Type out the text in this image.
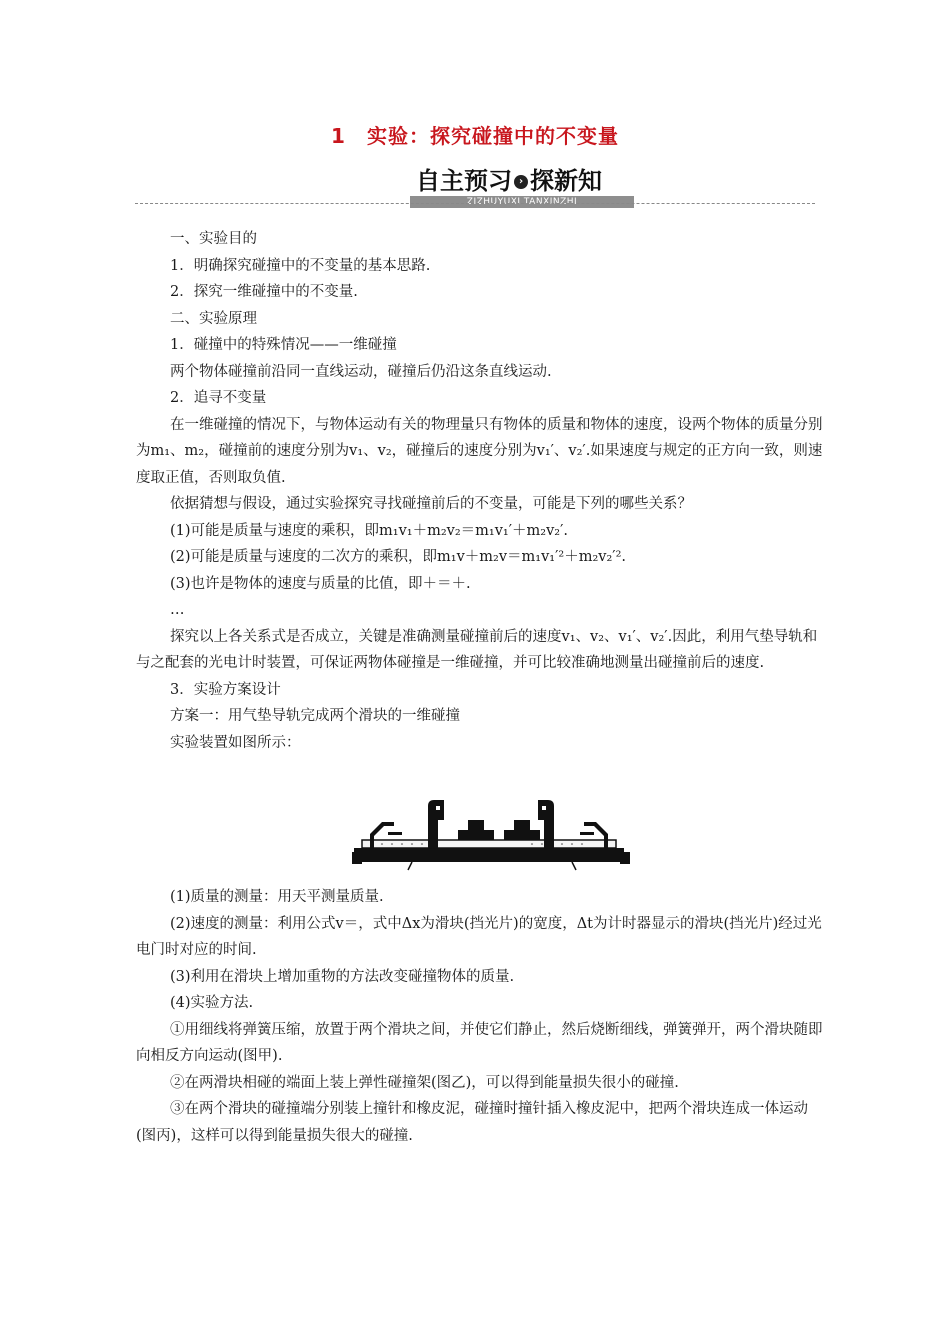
1　实验：探究碰撞中的不变量
自主预习 › 探新知
ZIZHUYUXI TANXINZHI

一、实验目的

1．明确探究碰撞中的不变量的基本思路.

2．探究一维碰撞中的不变量.

二、实验原理

1．碰撞中的特殊情况——一维碰撞

两个物体碰撞前沿同一直线运动，碰撞后仍沿这条直线运动.

2．追寻不变量

在一维碰撞的情况下，与物体运动有关的物理量只有物体的质量和物体的速度，设两个物体的质量分别为m₁、m₂，碰撞前的速度分别为v₁、v₂，碰撞后的速度分别为v₁′、v₂′.如果速度与规定的正方向一致，则速度取正值，否则取负值.

依据猜想与假设，通过实验探究寻找碰撞前后的不变量，可能是下列的哪些关系？

(1)可能是质量与速度的乘积，即m₁v₁＋m₂v₂＝m₁v₁′＋m₂v₂′.

(2)可能是质量与速度的二次方的乘积，即m₁v＋m₂v＝m₁v₁′²＋m₂v₂′².

(3)也许是物体的速度与质量的比值，即＋＝＋.

…

探究以上各关系式是否成立，关键是准确测量碰撞前后的速度v₁、v₂、v₁′、v₂′.因此，利用气垫导轨和与之配套的光电计时装置，可保证两物体碰撞是一维碰撞，并可比较准确地测量出碰撞前后的速度.

3．实验方案设计

方案一：用气垫导轨完成两个滑块的一维碰撞

实验装置如图所示：

(1)质量的测量：用天平测量质量.

(2)速度的测量：利用公式v＝，式中Δx为滑块(挡光片)的宽度，Δt为计时器显示的滑块(挡光片)经过光电门时对应的时间.

(3)利用在滑块上增加重物的方法改变碰撞物体的质量.

(4)实验方法.

①用细线将弹簧压缩，放置于两个滑块之间，并使它们静止，然后烧断细线，弹簧弹开，两个滑块随即向相反方向运动(图甲).

②在两滑块相碰的端面上装上弹性碰撞架(图乙)，可以得到能量损失很小的碰撞.

③在两个滑块的碰撞端分别装上撞针和橡皮泥，碰撞时撞针插入橡皮泥中，把两个滑块连成一体运动(图丙)，这样可以得到能量损失很大的碰撞.
